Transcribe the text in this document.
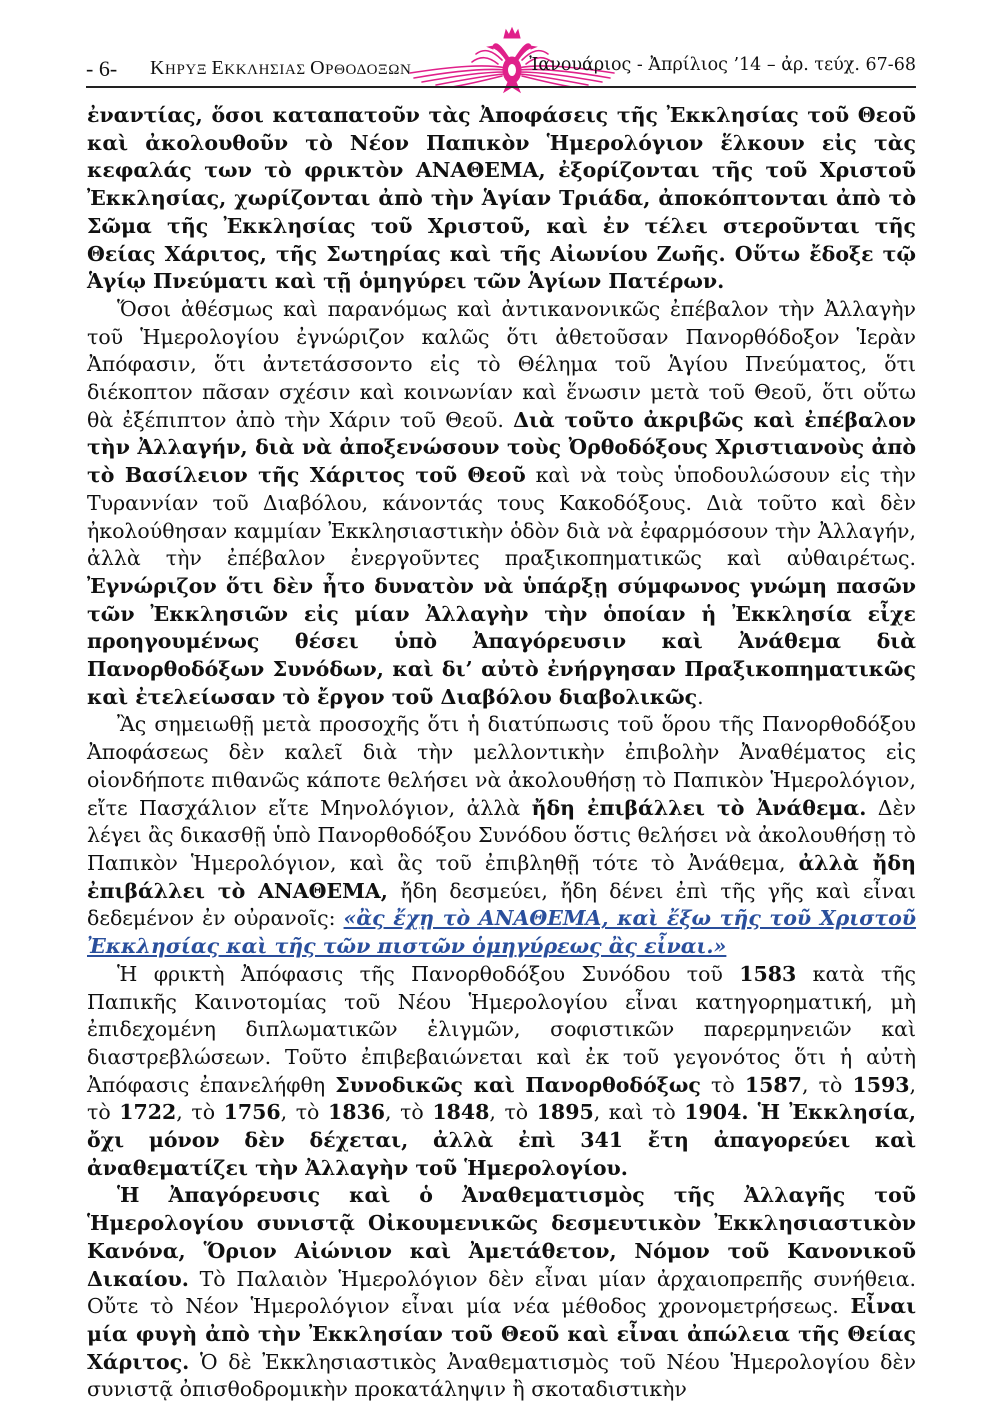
- 6- ΚΗΡΥΞ ΕΚΚΛΗΣΙΑΣ ΟΡΘΟΔΟΞΩΝ	Ἰανουάριος - Ἀπρίλιος ’14 – ἀρ. τεύχ. 67-68

ἐναντίας, ὅσοι καταπατοῦν τὰς Ἀποφάσεις τῆς Ἐκκλησίας τοῦ Θεοῦ καὶ ἀκολουθοῦν τὸ Νέον Παπικὸν Ἡμερολόγιον ἕλκουν εἰς τὰς κεφαλάς των τὸ φρικτὸν ΑΝΑΘΕΜΑ, ἐξορίζονται τῆς τοῦ Χριστοῦ Ἐκκλησίας, χωρίζονται ἀπὸ τὴν Ἁγίαν Τριάδα, ἀποκόπτονται ἀπὸ τὸ Σῶμα τῆς Ἐκκλησίας τοῦ Χριστοῦ, καὶ ἐν τέλει στεροῦνται τῆς Θείας Χάριτος, τῆς Σωτηρίας καὶ τῆς Αἰωνίου Ζωῆς. Οὕτω ἔδοξε τῷ Ἁγίῳ Πνεύματι καὶ τῇ ὁμηγύρει τῶν Ἁγίων Πατέρων.

Ὅσοι ἀθέσμως καὶ παρανόμως καὶ ἀντικανονικῶς ἐπέβαλον τὴν Ἀλλαγὴν τοῦ Ἡμερολογίου ἐγνώριζον καλῶς ὅτι ἀθετοῦσαν Πανορθόδοξον Ἱερὰν Ἀπόφασιν, ὅτι ἀντετάσσοντο εἰς τὸ Θέλημα τοῦ Ἁγίου Πνεύματος, ὅτι διέκοπτον πᾶσαν σχέσιν καὶ κοινωνίαν καὶ ἕνωσιν μετὰ τοῦ Θεοῦ, ὅτι οὕτω θὰ ἐξέπιπτον ἀπὸ τὴν Χάριν τοῦ Θεοῦ. Διὰ τοῦτο ἀκριβῶς καὶ ἐπέβαλον τὴν Ἀλλαγήν, διὰ νὰ ἀποξενώσουν τοὺς Ὀρθοδόξους Χριστιανοὺς ἀπὸ τὸ Βασίλειον τῆς Χάριτος τοῦ Θεοῦ καὶ νὰ τοὺς ὑποδουλώσουν εἰς τὴν Τυραννίαν τοῦ Διαβόλου, κάνοντάς τους Κακοδόξους. Διὰ τοῦτο καὶ δὲν ἠκολούθησαν καμμίαν Ἐκκλησιαστικὴν ὁδὸν διὰ νὰ ἐφαρμόσουν τὴν Ἀλλαγήν, ἀλλὰ τὴν ἐπέβαλον ἐνεργοῦντες πραξικοπηματικῶς καὶ αὐθαιρέτως. Ἐγνώριζον ὅτι δὲν ἦτο δυνατὸν νὰ ὑπάρξῃ σύμφωνος γνώμη πασῶν τῶν Ἐκκλησιῶν εἰς μίαν Ἀλλαγὴν τὴν ὁποίαν ἡ Ἐκκλησία εἶχε προηγουμένως θέσει ὑπὸ Ἀπαγόρευσιν καὶ Ἀνάθεμα διὰ Πανορθοδόξων Συνόδων, καὶ δι’ αὐτὸ ἐνήργησαν Πραξικοπηματικῶς καὶ ἐτελείωσαν τὸ ἔργον τοῦ Διαβόλου διαβολικῶς.

Ἂς σημειωθῇ μετὰ προσοχῆς ὅτι ἡ διατύπωσις τοῦ ὅρου τῆς Πανορθοδόξου Ἀποφάσεως δὲν καλεῖ διὰ τὴν μελλοντικὴν ἐπιβολὴν Ἀναθέματος εἰς οἱονδήποτε πιθανῶς κάποτε θελήσει νὰ ἀκολουθήσῃ τὸ Παπικὸν Ἡμερολόγιον, εἴτε Πασχάλιον εἴτε Μηνολόγιον, ἀλλὰ ἤδη ἐπιβάλλει τὸ Ἀνάθεμα. Δὲν λέγει ἂς δικασθῇ ὑπὸ Πανορθοδόξου Συνόδου ὅστις θελήσει νὰ ἀκολουθήσῃ τὸ Παπικὸν Ἡμερολόγιον, καὶ ἂς τοῦ ἐπιβληθῇ τότε τὸ Ἀνάθεμα, ἀλλὰ ἤδη ἐπιβάλλει τὸ ΑΝΑΘΕΜΑ, ἤδη δεσμεύει, ἤδη δένει ἐπὶ τῆς γῆς καὶ εἶναι δεδεμένον ἐν οὐρανοῖς: «ἂς ἔχῃ τὸ ΑΝΑΘΕΜΑ, καὶ ἔξω τῆς τοῦ Χριστοῦ Ἐκκλησίας καὶ τῆς τῶν πιστῶν ὁμηγύρεως ἂς εἶναι.»

Ἡ φρικτὴ Ἀπόφασις τῆς Πανορθοδόξου Συνόδου τοῦ 1583 κατὰ τῆς Παπικῆς Καινοτομίας τοῦ Νέου Ἡμερολογίου εἶναι κατηγορηματική, μὴ ἐπιδεχομένη διπλωματικῶν ἑλιγμῶν, σοφιστικῶν παρερμηνειῶν καὶ διαστρεβλώσεων. Τοῦτο ἐπιβεβαιώνεται καὶ ἐκ τοῦ γεγονότος ὅτι ἡ αὐτὴ Ἀπόφασις ἐπανελήφθη Συνοδικῶς καὶ Πανορθοδόξως τὸ 1587, τὸ 1593, τὸ 1722, τὸ 1756, τὸ 1836, τὸ 1848, τὸ 1895, καὶ τὸ 1904. Ἡ Ἐκκλησία, ὄχι μόνον δὲν δέχεται, ἀλλὰ ἐπὶ 341 ἔτη ἀπαγορεύει καὶ ἀναθεματίζει τὴν Ἀλλαγὴν τοῦ Ἡμερολογίου.

Ἡ Ἀπαγόρευσις καὶ ὁ Ἀναθεματισμὸς τῆς Ἀλλαγῆς τοῦ Ἡμερολογίου συνιστᾷ Οἰκουμενικῶς δεσμευτικὸν Ἐκκλησιαστικὸν Κανόνα, Ὅριον Αἰώνιον καὶ Ἀμετάθετον, Νόμον τοῦ Κανονικοῦ Δικαίου. Τὸ Παλαιὸν Ἡμερολόγιον δὲν εἶναι μίαν ἀρχαιοπρεπῆς συνήθεια. Οὔτε τὸ Νέον Ἡμερολόγιον εἶναι μία νέα μέθοδος χρονομετρήσεως. Εἶναι μία φυγὴ ἀπὸ τὴν Ἐκκλησίαν τοῦ Θεοῦ καὶ εἶναι ἀπώλεια τῆς Θείας Χάριτος. Ὁ δὲ Ἐκκλησιαστικὸς Ἀναθεματισμὸς τοῦ Νέου Ἡμερολογίου δὲν συνιστᾷ ὀπισθοδρομικὴν προκατάληψιν ἢ σκοταδιστικὴν
